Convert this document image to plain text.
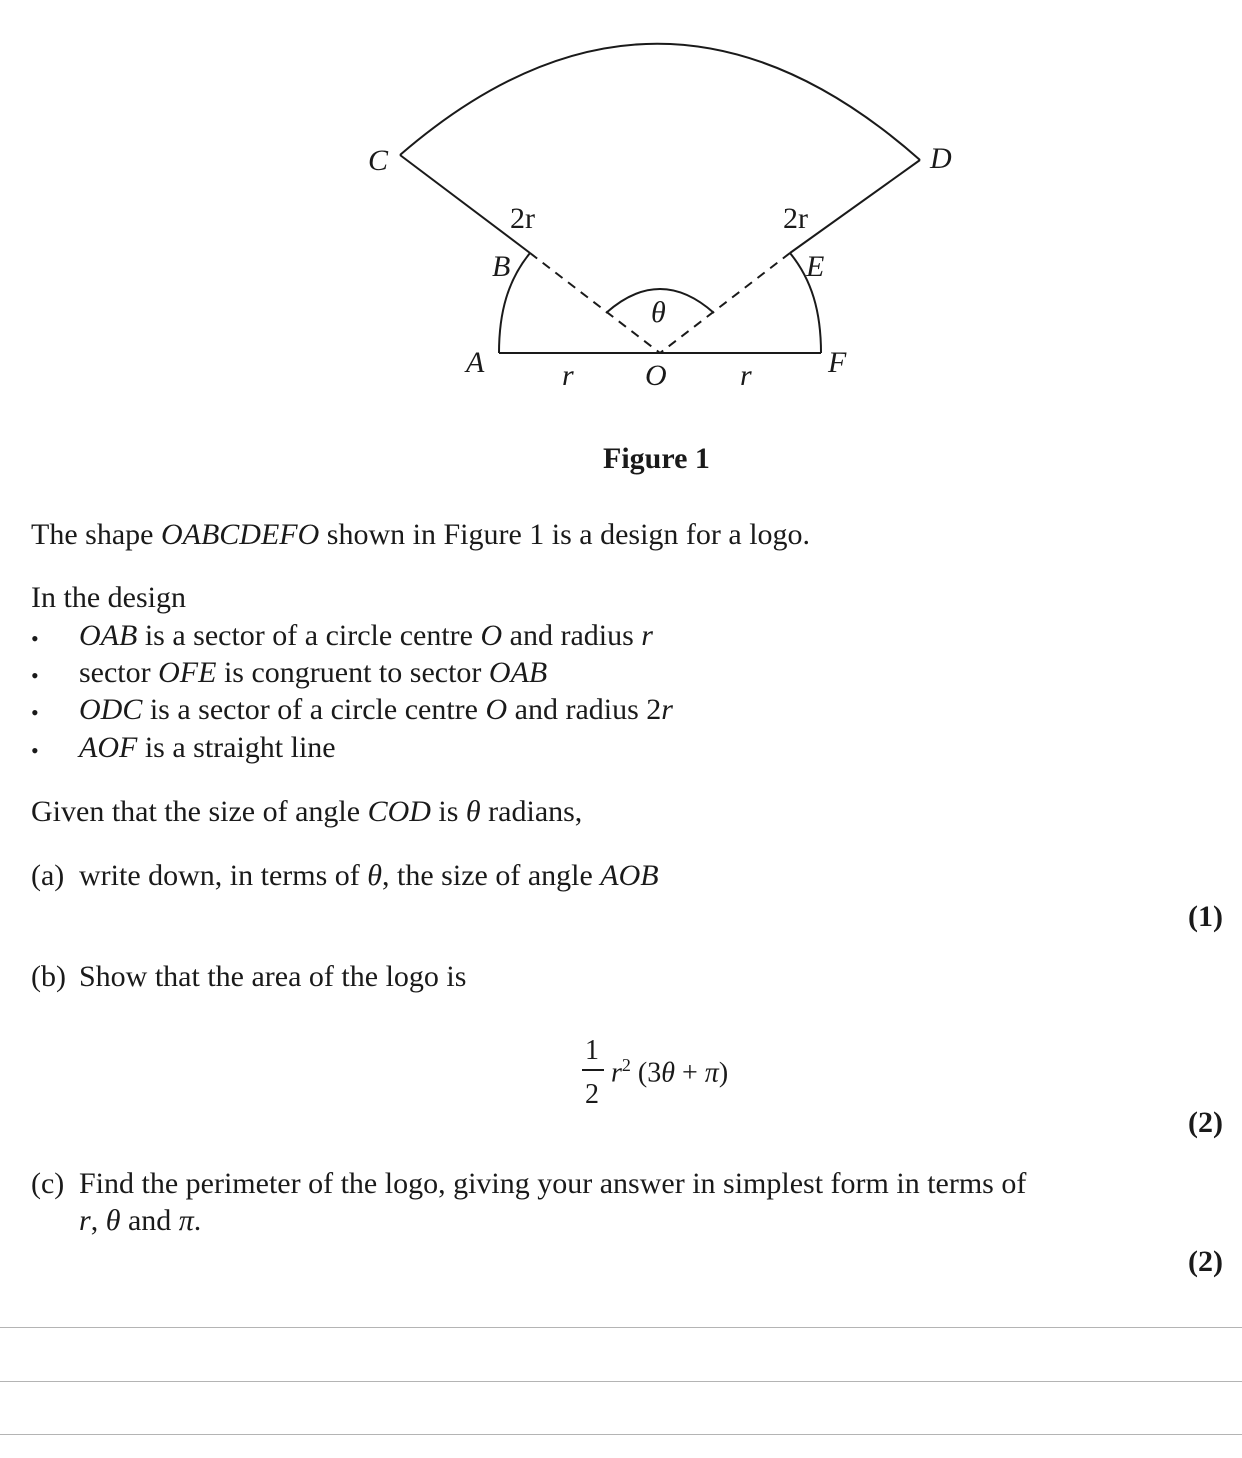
C	D
B	E
A	F
O
r	r
2r	2r
θ
Figure 1
The shape OABCDEFO shown in Figure 1 is a design for a logo.
In the design
• OAB is a sector of a circle centre O and radius r
• sector OFE is congruent to sector OAB
• ODC is a sector of a circle centre O and radius 2r
• AOF is a straight line
Given that the size of angle COD is θ radians,
(a) write down, in terms of θ, the size of angle AOB
(1)
(b) Show that the area of the logo is
1
2
$r^2$ (3θ + π)
(2)
(c) Find the perimeter of the logo, giving your answer in simplest form in terms of
r, θ and π.
(2)
